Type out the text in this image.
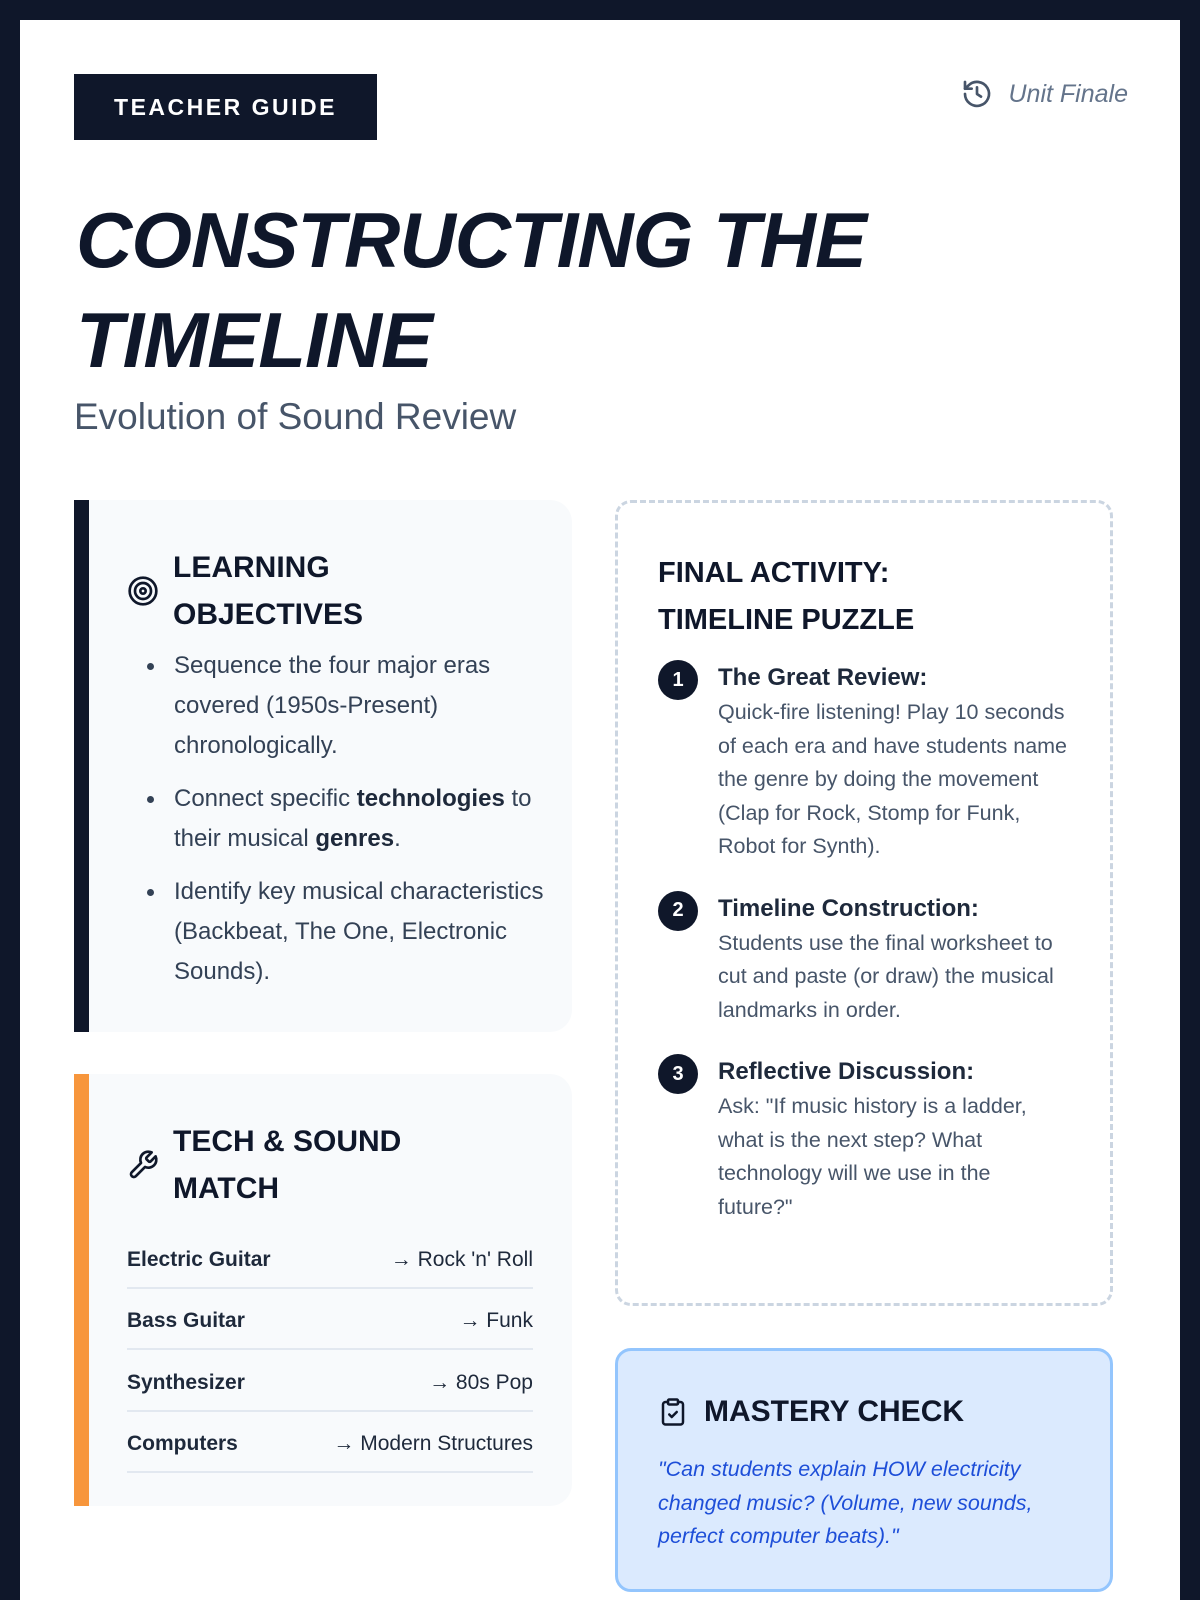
TEACHER GUIDE	Unit Finale
CONSTRUCTING THE TIMELINE
Evolution of Sound Review
LEARNING OBJECTIVES
Sequence the four major eras covered (1950s-Present) chronologically.
Connect specific technologies to their musical genres.
Identify key musical characteristics (Backbeat, The One, Electronic Sounds).
TECH & SOUND MATCH
Electric Guitar	→ Rock 'n' Roll
Bass Guitar	→ Funk
Synthesizer	→ 80s Pop
Computers	→ Modern Structures
FINAL ACTIVITY: TIMELINE PUZZLE
1	The Great Review:
Quick-fire listening! Play 10 seconds of each era and have students name the genre by doing the movement (Clap for Rock, Stomp for Funk, Robot for Synth).
2	Timeline Construction:
Students use the final worksheet to cut and paste (or draw) the musical landmarks in order.
3	Reflective Discussion:
Ask: "If music history is a ladder, what is the next step? What technology will we use in the future?"
MASTERY CHECK
"Can students explain HOW electricity changed music? (Volume, new sounds, perfect computer beats)."
